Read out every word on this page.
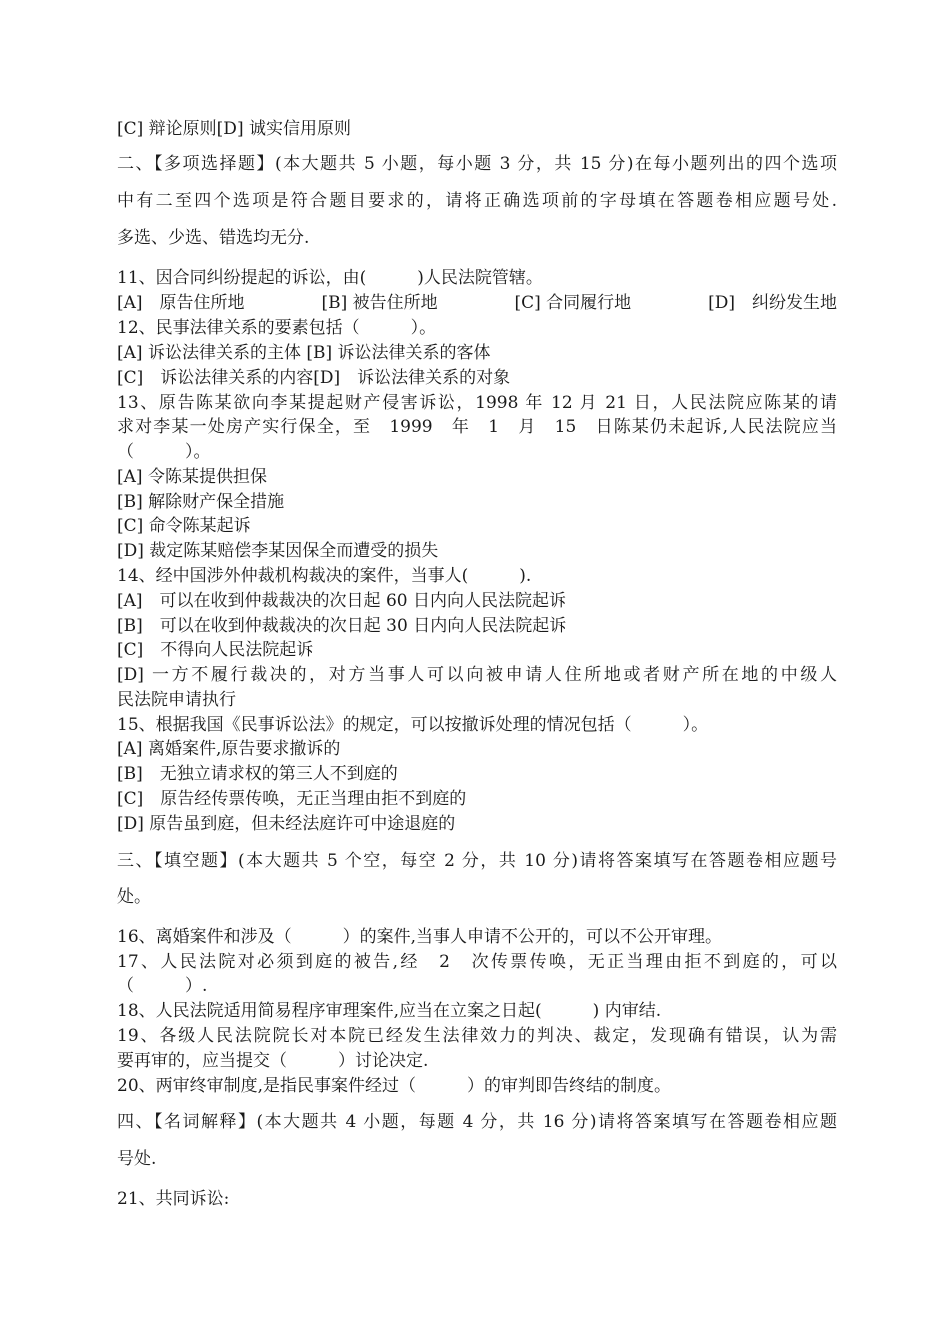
[C] 辩论原则[D] 诚实信用原则
二、【多项选择题】(本大题共 5 小题，每小题 3 分，共 15 分)在每小题列出的四个选项
中有二至四个选项是符合题目要求的，请将正确选项前的字母填在答题卷相应题号处.
多选、少选、错选均无分.
11、因合同纠纷提起的诉讼，由(　　　)人民法院管辖。
[A]　原告住所地	[B] 被告住所地	[C] 合同履行地	[D]　纠纷发生地
12、民事法律关系的要素包括（　　　）。
[A] 诉讼法律关系的主体 [B] 诉讼法律关系的客体
[C]　诉讼法律关系的内容[D]　诉讼法律关系的对象
13、原告陈某欲向李某提起财产侵害诉讼，1998 年 12 月 21 日，人民法院应陈某的请
求对李某一处房产实行保全，至　1999　年　1　月　15　日陈某仍未起诉,人民法院应当
（　　　）。
[A] 令陈某提供担保
[B] 解除财产保全措施
[C] 命令陈某起诉
[D] 裁定陈某赔偿李某因保全而遭受的损失
14、经中国涉外仲裁机构裁决的案件，当事人(　　　).
[A]　可以在收到仲裁裁决的次日起 60 日内向人民法院起诉
[B]　可以在收到仲裁裁决的次日起 30 日内向人民法院起诉
[C]　不得向人民法院起诉
[D] 一方不履行裁决的，对方当事人可以向被申请人住所地或者财产所在地的中级人
民法院申请执行
15、根据我国《民事诉讼法》的规定，可以按撤诉处理的情况包括（　　　）。
[A] 离婚案件,原告要求撤诉的
[B]　无独立请求权的第三人不到庭的
[C]　原告经传票传唤，无正当理由拒不到庭的
[D] 原告虽到庭，但未经法庭许可中途退庭的
三、【填空题】(本大题共 5 个空，每空 2 分，共 10 分)请将答案填写在答题卷相应题号
处。
16、离婚案件和涉及（　　　）的案件,当事人申请不公开的，可以不公开审理。
17、人民法院对必须到庭的被告,经　2　次传票传唤，无正当理由拒不到庭的，可以
（　　　）.
18、人民法院适用简易程序审理案件,应当在立案之日起(　　　) 内审结.
19、各级人民法院院长对本院已经发生法律效力的判决、裁定，发现确有错误，认为需
要再审的，应当提交（　　　）讨论决定.
20、两审终审制度,是指民事案件经过（　　　）的审判即告终结的制度。
四、【名词解释】(本大题共 4 小题，每题 4 分，共 16 分)请将答案填写在答题卷相应题
号处.
21、共同诉讼:
